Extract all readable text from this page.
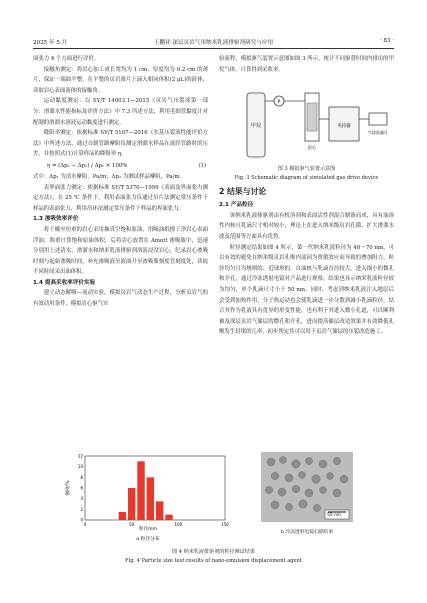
2025 年 5 月	王鹏祥.深层页岩气用纳米乳液排驱剂研究与应用	· 83 ·

面张力 4 个方面进行评价。

接触角测定：将岩心加工成长宽均为 1 cm、厚度均为 0.2 cm 的薄片，保证一端面平整，在平整的页岩薄片上滴入相同体积(2 μL)的液体，读取岩心表面流体的接触角。

运动黏度测定：以 SY/T 14003.1—2015《页岩气压裂液第一部分：滑溜水性能指标及评价方法》中 7.3 所述方法，利用毛细管黏度计对配制的滑溜水溶液运动黏度进行测定。

降阻率测定：依据标准 SY/T 5107—2016《水基压裂液性能评价方法》中所述方法，通过自制管路摩阻仪测定滑溜水样品在流经管路时的压差，并按照式(1)计算样品的降阻率 η。

η = (Δp₁ − Δp₂) / Δp₁ × 100%	(1)

式中：Δp₁ 为清水摩阻，Pa/m；Δp₂ 为测试样品摩阻，Pa/m。

表界面张力测定：依据标准 SY/T 5370—1999《表面及界面张力测定方法》，在 25 ℃ 条件下，利用表面张力仪通过吊片法测定常压条件下样品的表面张力，利用吊环法测定常压条件下样品的界面张力。

1.3 渗吸效率评价

将干燥至恒重的岩心采用抽真空饱和原油，用吸油纸擦干净岩心表面浮油，称重计算饱和原油体积，后将岩心放置在 Amott 渗吸瓶中，迅速分别用上述清水、滑溜水和纳米乳液排驱剂溶液浸没岩心，纪录岩心渗吸时刻与起始渗吸时间，补充渗吸液至液面升至渗吸瓶刻度管刻度处，读取不同时间采出油体积。

1.4 提高采收率评价实验

建立动态解吸—流动实验，模拟页岩气动态生产过程，分析页岩气的有效动用条件，模拟岩心驱气实

验流程，模拟驱气装置示意图如图 3 所示，统计不同驱替时间内排出的甲烷气体，计算得到采收率。

甲烷
P
岩心
夹持器
气体流量计

图 3 模拟驱气装置示意图

Fig. 3 Schematic diagram of simulated gas drive device

2 结果与讨论

2.1 产品粒径

该纳米乳液排驱剂由有机溶剂和表面活性剂混合制备而成，具有油溶性内核且乳滴尺寸相对较小，理论上在进入纳米级页岩孔隙、扩大滑溜水波及范围等方面具有优势。

粒径测定结果如图 4 所示，第一代纳米乳液粒径为 40～70 nm，可以有效的避免在纳米级页岩孔喉内部因为贾敏效应而导致的叠加阻力，粒径均匀且为规则的、近球形的，自油核与乳滴直径较大，进入细小的微孔和介孔，通过冷冻透射电镜对产品进行观察，结果也显示纳米乳液粒径较为均匀，单个乳滴尺寸小于 50 nm，同时，考虑到纳米乳液注入地层后会受到加热作用，分子热运动也会使乳滴进一步分散到减小乳滴粒径，结合其作为乳液具有优异的形变性能，也有利于其进入微小孔道，可以顺利被及深层页岩气储层的微孔和介孔，进而提高储层改造效果并有效降低孔喉发生封堵的几率，初步判定其可以用于页岩气储层的压裂改造施工。

0
2
4
6
8
10
12
0	50	100	150
粒径/nm
强度/%
a 粒径分布
50 nm
b 冷冻透射电镜扫描结果

图 4 纳米乳液排驱剂的粒径测试结果

Fig. 4 Particle size test results of nano-emulsion displacement agent
